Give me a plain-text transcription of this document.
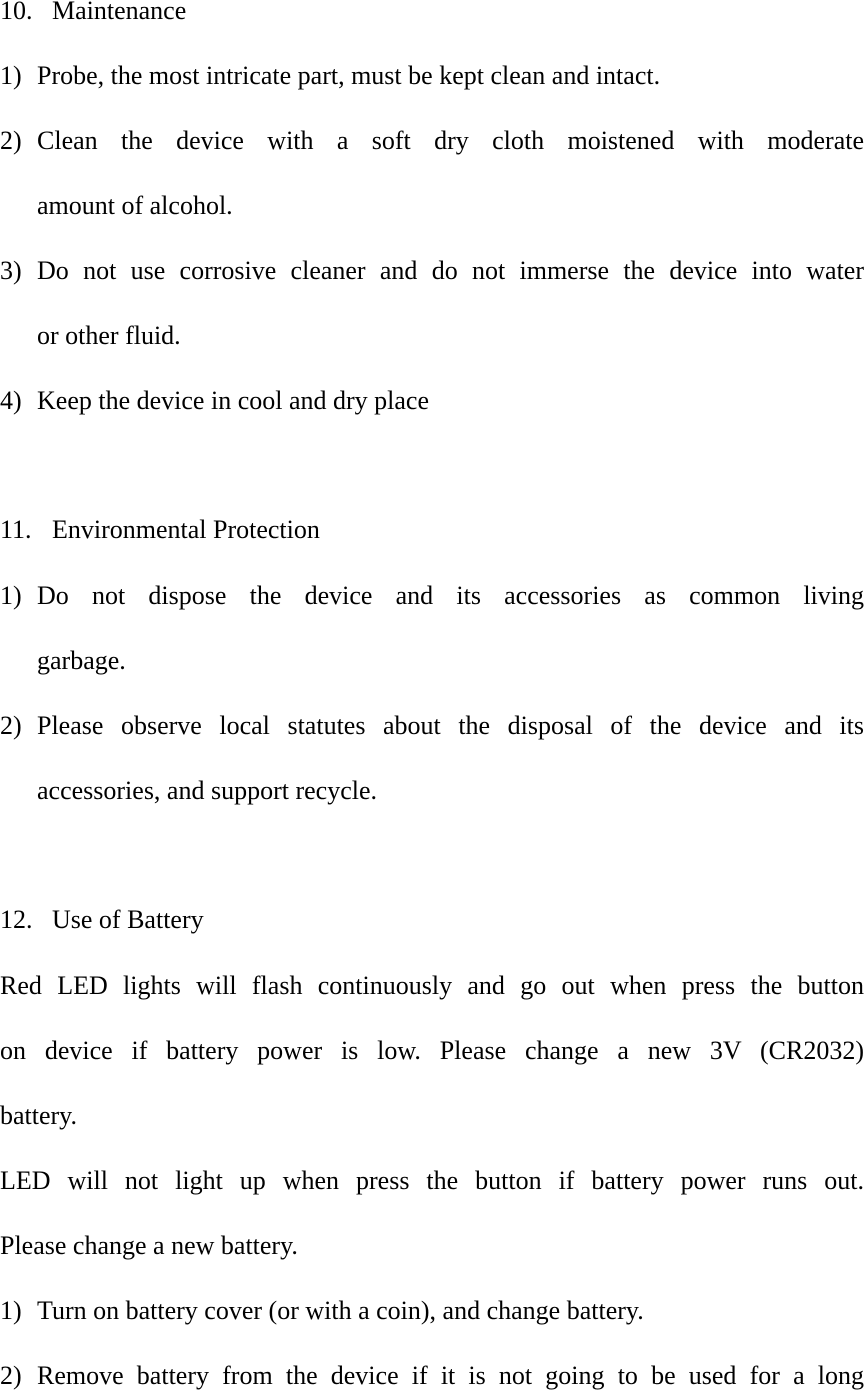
10. Maintenance
1) Probe, the most intricate part, must be kept clean and intact.
2) Clean the device with a soft dry cloth moistened with moderate
amount of alcohol.
3) Do not use corrosive cleaner and do not immerse the device into water
or other fluid.
4) Keep the device in cool and dry place
11. Environmental Protection
1) Do not dispose the device and its accessories as common living
garbage.
2) Please observe local statutes about the disposal of the device and its
accessories, and support recycle.
12. Use of Battery
Red LED lights will flash continuously and go out when press the button
on device if battery power is low. Please change a new 3V (CR2032)
battery.
LED will not light up when press the button if battery power runs out.
Please change a new battery.
1) Turn on battery cover (or with a coin), and change battery.
2) Remove battery from the device if it is not going to be used for a long
